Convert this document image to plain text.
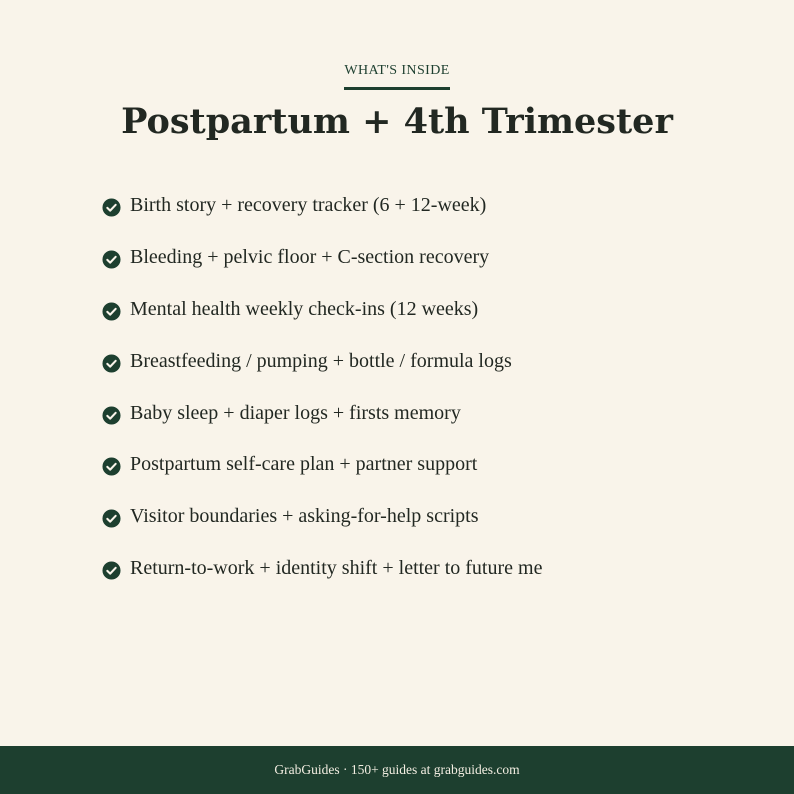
WHAT'S INSIDE
Postpartum + 4th Trimester
Birth story + recovery tracker (6 + 12-week)
Bleeding + pelvic floor + C-section recovery
Mental health weekly check-ins (12 weeks)
Breastfeeding / pumping + bottle / formula logs
Baby sleep + diaper logs + firsts memory
Postpartum self-care plan + partner support
Visitor boundaries + asking-for-help scripts
Return-to-work + identity shift + letter to future me
GrabGuides · 150+ guides at grabguides.com
